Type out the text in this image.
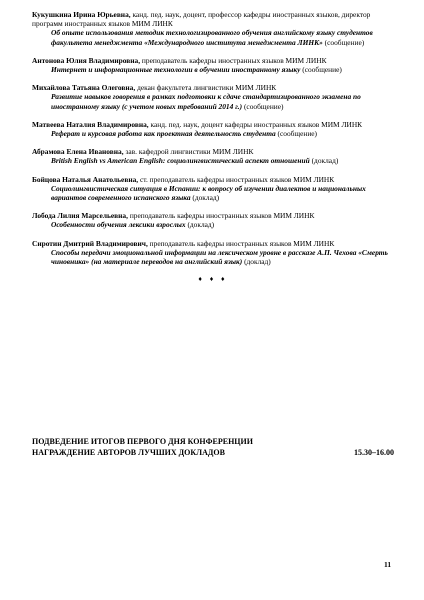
Кукушкина Ирина Юрьевна, канд. пед. наук, доцент, профессор кафедры иностранных языков, директор программ иностранных языков МИМ ЛИНК
Об опыте использования методик технологизированного обучения английскому языку студентов факультета менеджмента «Международного института менеджмента ЛИНК» (сообщение)
Антонова Юлия Владимировна, преподаватель кафедры иностранных языков МИМ ЛИНК
Интернет и информационные технологии в обучении иностранному языку (сообщение)
Михайлова Татьяна Олеговна, декан факультета лингвистики МИМ ЛИНК
Развитие навыков говорения в рамках подготовки к сдаче стандартизированного экзамена по иностранному языку (с учетом новых требований 2014 г.) (сообщение)
Матвеева Наталия Владимировна, канд. пед. наук, доцент кафедры иностранных языков МИМ ЛИНК
Реферат и курсовая работа как проектная деятельность студента (сообщение)
Абрамова Елена Ивановна, зав. кафедрой лингвистики МИМ ЛИНК
British English vs American English: социолингвистический аспект отношений (доклад)
Бойцова Наталья Анатольевна, ст. преподаватель кафедры иностранных языков МИМ ЛИНК
Социолингвистическая ситуация в Испании: к вопросу об изучении диалектов и национальных вариантов современного испанского языка (доклад)
Лобода Лилия Марсельевна, преподаватель кафедры иностранных языков МИМ ЛИНК
Особенности обучения лексики взрослых (доклад)
Сиротин Дмитрий Владимирович, преподаватель кафедры иностранных языков МИМ ЛИНК
Способы передачи эмоциональной информации на лексическом уровне в рассказе А.П. Чехова «Смерть чиновника» (на материале переводов на английский язык) (доклад)
♦ ♦ ♦
ПОДВЕДЕНИЕ ИТОГОВ ПЕРВОГО ДНЯ КОНФЕРЕНЦИИ
НАГРАЖДЕНИЕ АВТОРОВ ЛУЧШИХ ДОКЛАДОВ	15.30–16.00
11
